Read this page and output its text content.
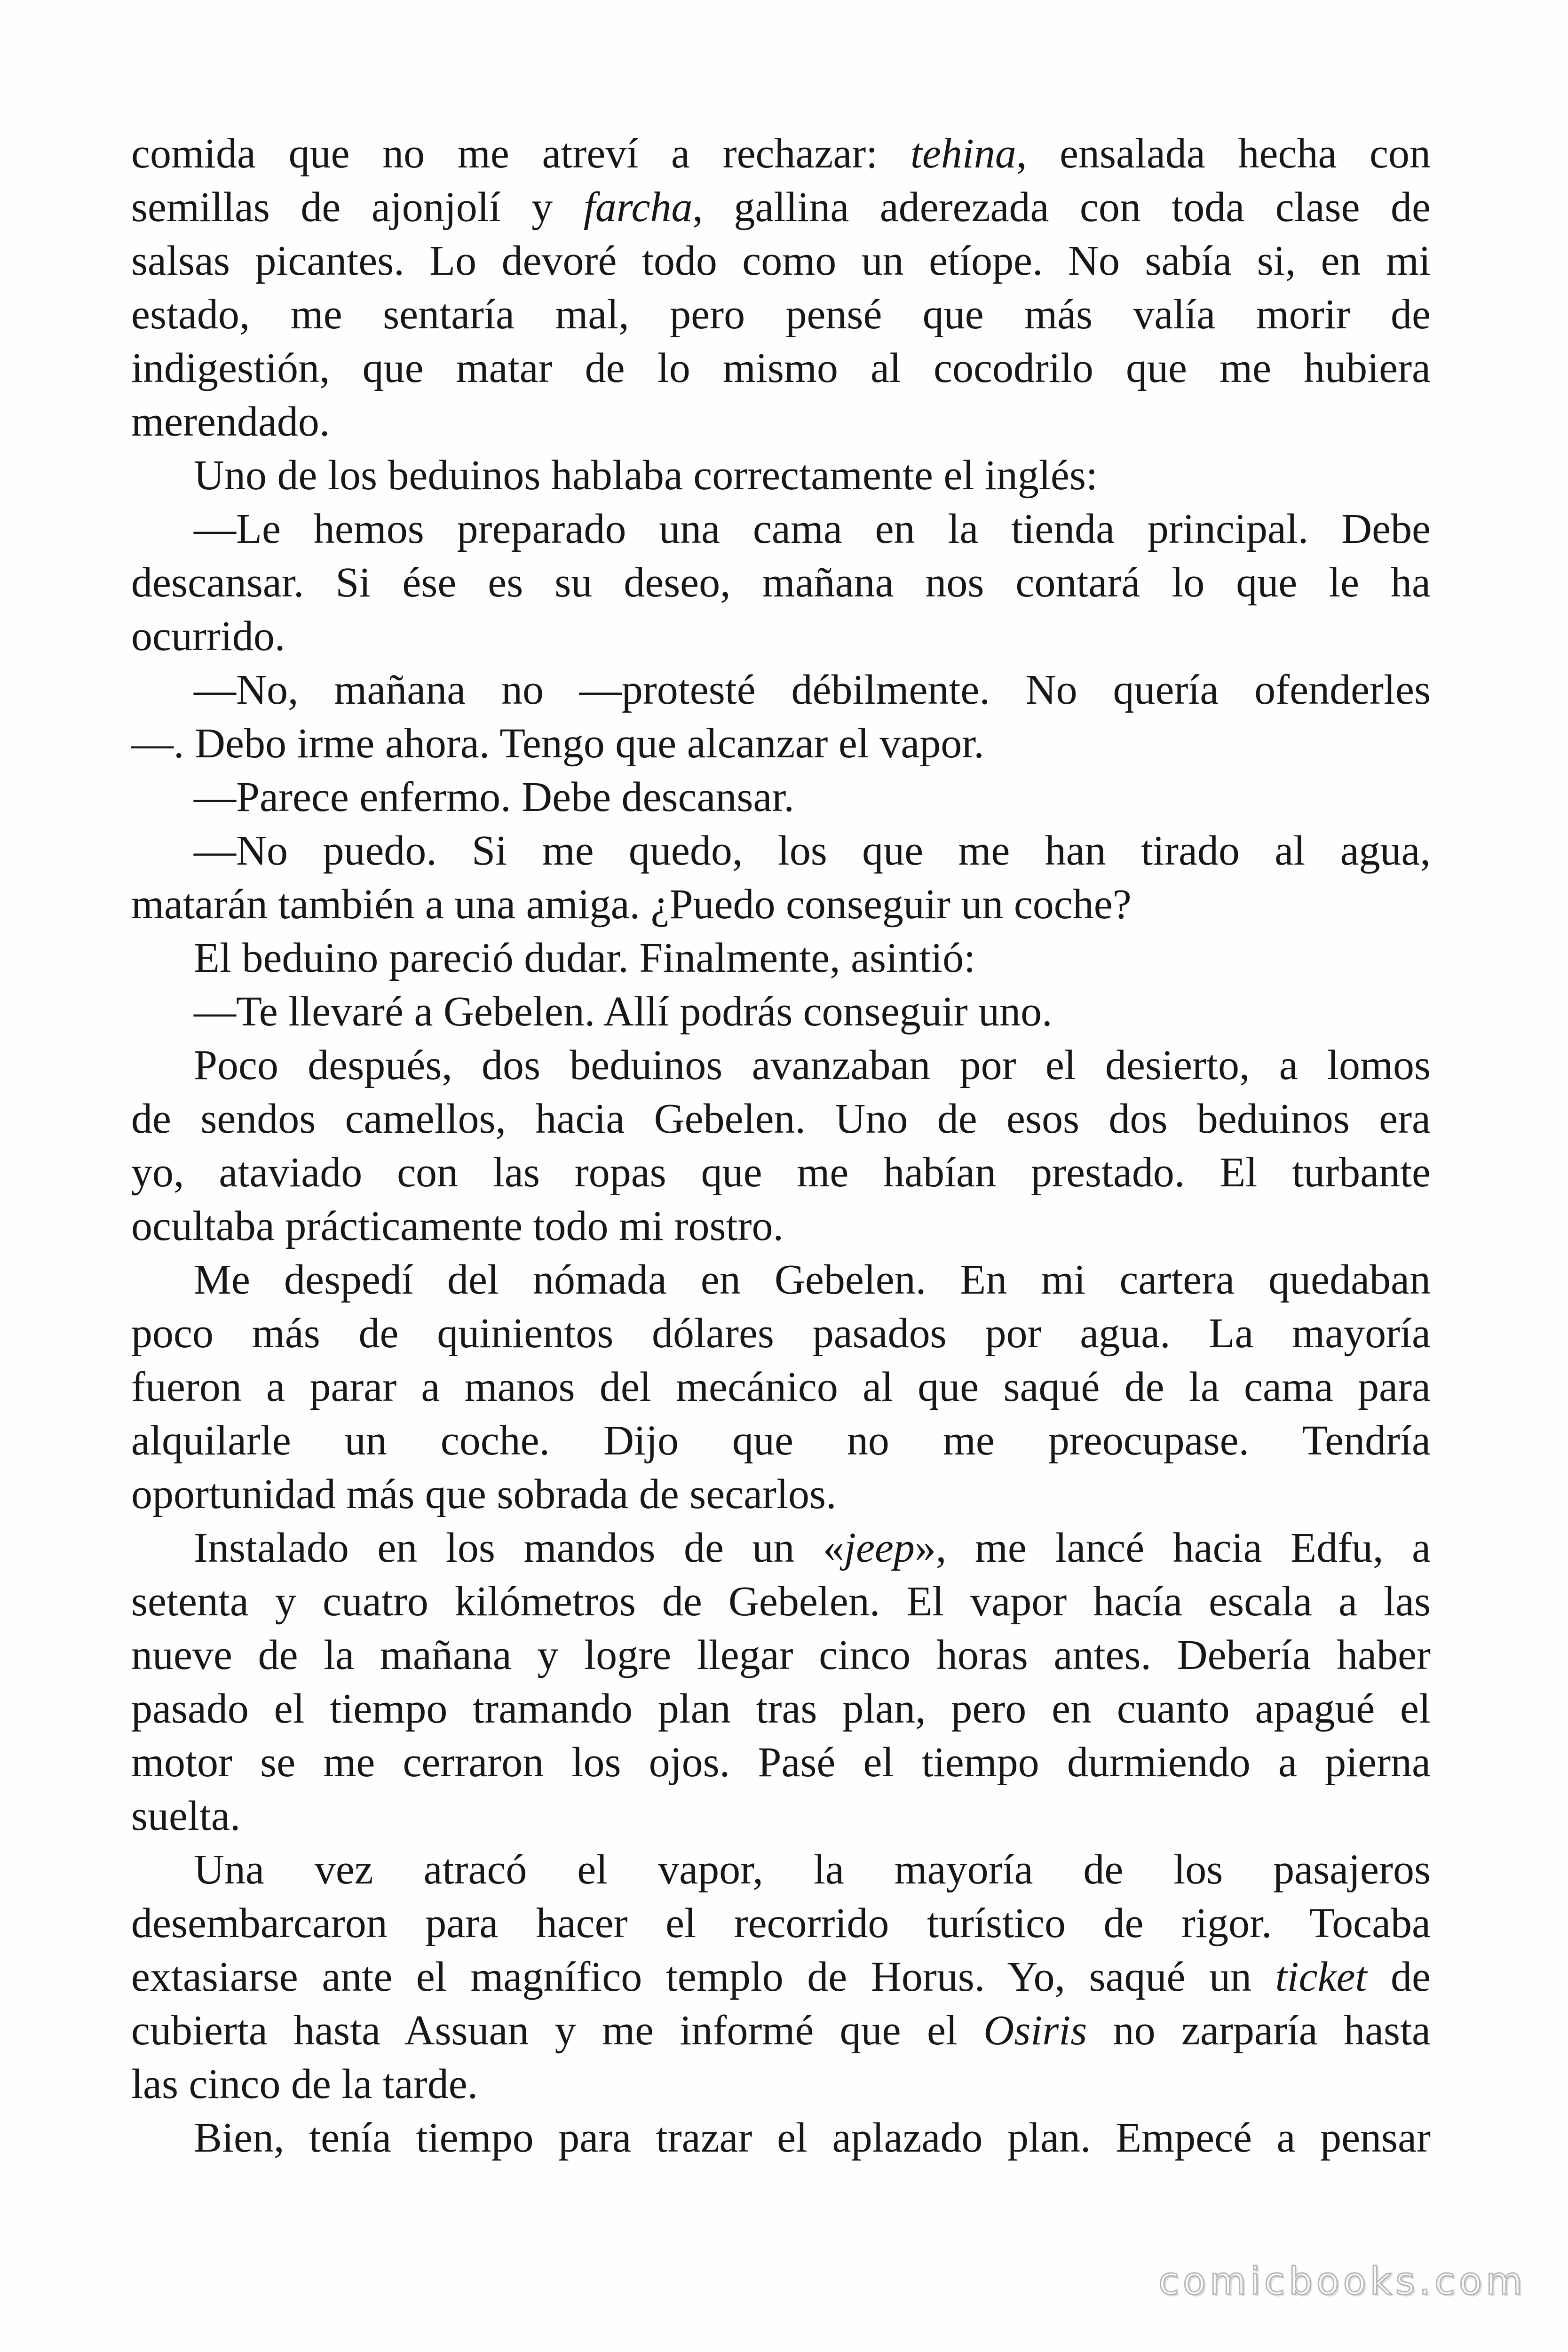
comida que no me atreví a rechazar: tehina, ensalada hecha con
semillas de ajonjolí y farcha, gallina aderezada con toda clase de
salsas picantes. Lo devoré todo como un etíope. No sabía si, en mi
estado, me sentaría mal, pero pensé que más valía morir de
indigestión, que matar de lo mismo al cocodrilo que me hubiera
merendado.
Uno de los beduinos hablaba correctamente el inglés:
—Le hemos preparado una cama en la tienda principal. Debe
descansar. Si ése es su deseo, mañana nos contará lo que le ha
ocurrido.
—No, mañana no —protesté débilmente. No quería ofenderles
—. Debo irme ahora. Tengo que alcanzar el vapor.
—Parece enfermo. Debe descansar.
—No puedo. Si me quedo, los que me han tirado al agua,
matarán también a una amiga. ¿Puedo conseguir un coche?
El beduino pareció dudar. Finalmente, asintió:
—Te llevaré a Gebelen. Allí podrás conseguir uno.
Poco después, dos beduinos avanzaban por el desierto, a lomos
de sendos camellos, hacia Gebelen. Uno de esos dos beduinos era
yo, ataviado con las ropas que me habían prestado. El turbante
ocultaba prácticamente todo mi rostro.
Me despedí del nómada en Gebelen. En mi cartera quedaban
poco más de quinientos dólares pasados por agua. La mayoría
fueron a parar a manos del mecánico al que saqué de la cama para
alquilarle un coche. Dijo que no me preocupase. Tendría
oportunidad más que sobrada de secarlos.
Instalado en los mandos de un «jeep», me lancé hacia Edfu, a
setenta y cuatro kilómetros de Gebelen. El vapor hacía escala a las
nueve de la mañana y logre llegar cinco horas antes. Debería haber
pasado el tiempo tramando plan tras plan, pero en cuanto apagué el
motor se me cerraron los ojos. Pasé el tiempo durmiendo a pierna
suelta.
Una vez atracó el vapor, la mayoría de los pasajeros
desembarcaron para hacer el recorrido turístico de rigor. Tocaba
extasiarse ante el magnífico templo de Horus. Yo, saqué un ticket de
cubierta hasta Assuan y me informé que el Osiris no zarparía hasta
las cinco de la tarde.
Bien, tenía tiempo para trazar el aplazado plan. Empecé a pensar
comicbooks.com
